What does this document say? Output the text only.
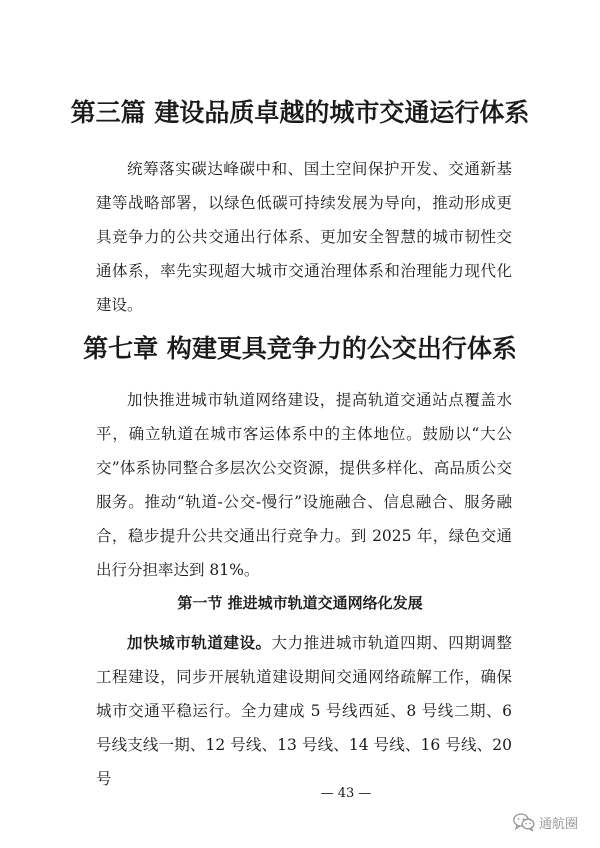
第三篇 建设品质卓越的城市交通运行体系

统筹落实碳达峰碳中和、国土空间保护开发、交通新基建等战略部署，以绿色低碳可持续发展为导向，推动形成更具竞争力的公共交通出行体系、更加安全智慧的城市韧性交通体系，率先实现超大城市交通治理体系和治理能力现代化建设。

第七章 构建更具竞争力的公交出行体系

加快推进城市轨道网络建设，提高轨道交通站点覆盖水平，确立轨道在城市客运体系中的主体地位。鼓励以“大公交”体系协同整合多层次公交资源，提供多样化、高品质公交服务。推动“轨道-公交-慢行”设施融合、信息融合、服务融合，稳步提升公共交通出行竞争力。到 2025 年，绿色交通出行分担率达到 81%。

第一节 推进城市轨道交通网络化发展

加快城市轨道建设。大力推进城市轨道四期、四期调整工程建设，同步开展轨道建设期间交通网络疏解工作，确保城市交通平稳运行。全力建成 5 号线西延、8 号线二期、6 号线支线一期、12 号线、13 号线、14 号线、16 号线、20 号

— 43 —
通航圈
